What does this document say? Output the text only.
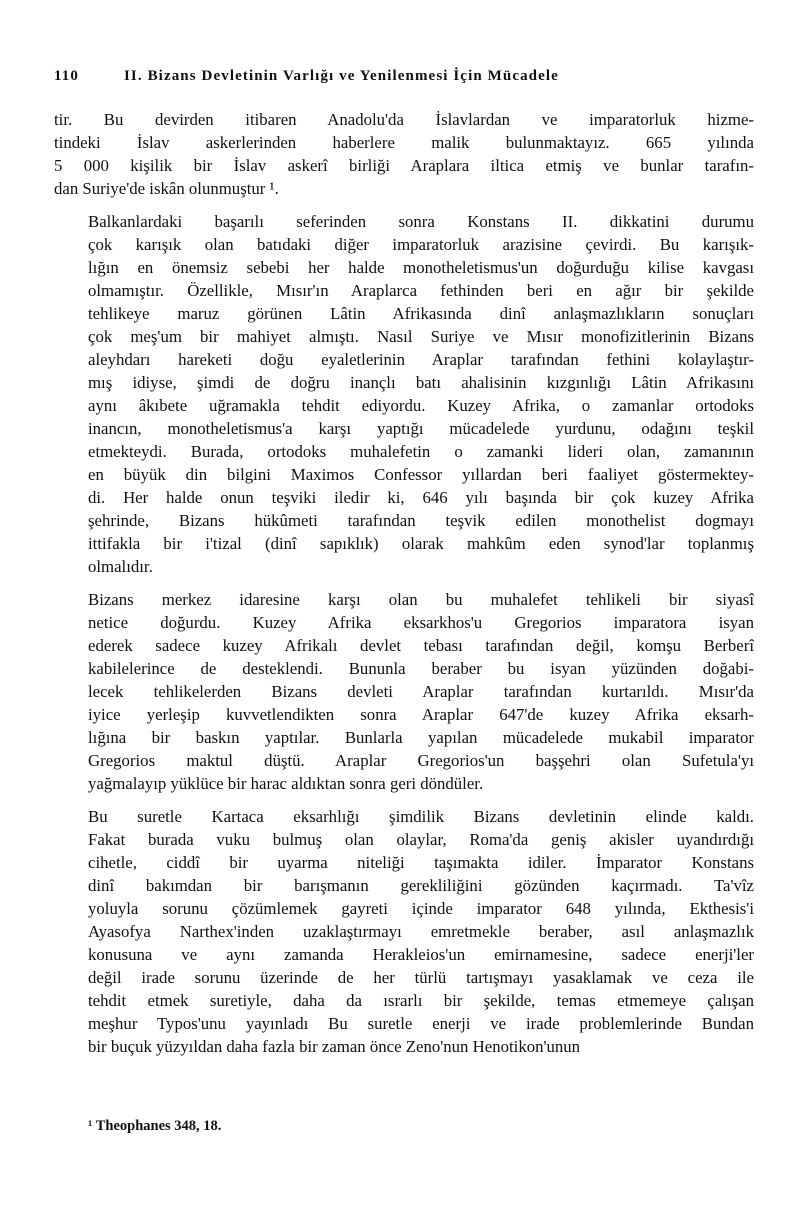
110	II. Bizans Devletinin Varlığı ve Yenilenmesi İçin Mücadele

tir. Bu devirden itibaren Anadolu'da İslavlardan ve imparatorluk hizme-
tindeki İslav askerlerinden haberlere malik bulunmaktayız. 665 yılında
5 000 kişilik bir İslav askerî birliği Araplara iltica etmiş ve bunlar tarafın-
dan Suriye'de iskân olunmuştur ¹.

Balkanlardaki başarılı seferinden sonra Konstans II. dikkatini durumu
çok karışık olan batıdaki diğer imparatorluk arazisine çevirdi. Bu karışık-
lığın en önemsiz sebebi her halde monotheletismus'un doğurduğu kilise kavgası
olmamıştır. Özellikle, Mısır'ın Araplarca fethinden beri en ağır bir şekilde
tehlikeye maruz görünen Lâtin Afrikasında dinî anlaşmazlıkların sonuçları
çok meş'um bir mahiyet almıştı. Nasıl Suriye ve Mısır monofizitlerinin Bizans
aleyhdarı hareketi doğu eyaletlerinin Araplar tarafından fethini kolaylaştır-
mış idiyse, şimdi de doğru inançlı batı ahalisinin kızgınlığı Lâtin Afrikasını
aynı âkıbete uğramakla tehdit ediyordu. Kuzey Afrika, o zamanlar ortodoks
inancın, monotheletismus'a karşı yaptığı mücadelede yurdunu, odağını teşkil
etmekteydi. Burada, ortodoks muhalefetin o zamanki lideri olan, zamanının
en büyük din bilgini Maximos Confessor yıllardan beri faaliyet göstermektey-
di. Her halde onun teşviki iledir ki, 646 yılı başında bir çok kuzey Afrika
şehrinde, Bizans hükûmeti tarafından teşvik edilen monothelist dogmayı
ittifakla bir i'tizal (dinî sapıklık) olarak mahkûm eden synod'lar toplanmış
olmalıdır.

Bizans merkez idaresine karşı olan bu muhalefet tehlikeli bir siyasî
netice doğurdu. Kuzey Afrika eksarkhos'u Gregorios imparatora isyan
ederek sadece kuzey Afrikalı devlet tebası tarafından değil, komşu Berberî
kabilelerince de desteklendi. Bununla beraber bu isyan yüzünden doğabi-
lecek tehlikelerden Bizans devleti Araplar tarafından kurtarıldı. Mısır'da
iyice yerleşip kuvvetlendikten sonra Araplar 647'de kuzey Afrika eksarh-
lığına bir baskın yaptılar. Bunlarla yapılan mücadelede mukabil imparator
Gregorios maktul düştü. Araplar Gregorios'un başşehri olan Sufetula'yı
yağmalayıp yüklüce bir harac aldıktan sonra geri döndüler.

Bu suretle Kartaca eksarhlığı şimdilik Bizans devletinin elinde kaldı.
Fakat burada vuku bulmuş olan olaylar, Roma'da geniş akisler uyandırdığı
cihetle, ciddî bir uyarma niteliği taşımakta idiler. İmparator Konstans
dinî bakımdan bir barışmanın gerekliliğini gözünden kaçırmadı. Ta'vîz
yoluyla sorunu çözümlemek gayreti içinde imparator 648 yılında, Ekthesis'i
Ayasofya Narthex'inden uzaklaştırmayı emretmekle beraber, asıl anlaşmazlık
konusuna ve aynı zamanda Herakleios'un emirnamesine, sadece enerji'ler
değil irade sorunu üzerinde de her türlü tartışmayı yasaklamak ve ceza ile
tehdit etmek suretiyle, daha da ısrarlı bir şekilde, temas etmemeye çalışan
meşhur Typos'unu yayınladı Bu suretle enerji ve irade problemlerinde Bundan
bir buçuk yüzyıldan daha fazla bir zaman önce Zeno'nun Henotikon'unun

¹ Theophanes 348, 18.
